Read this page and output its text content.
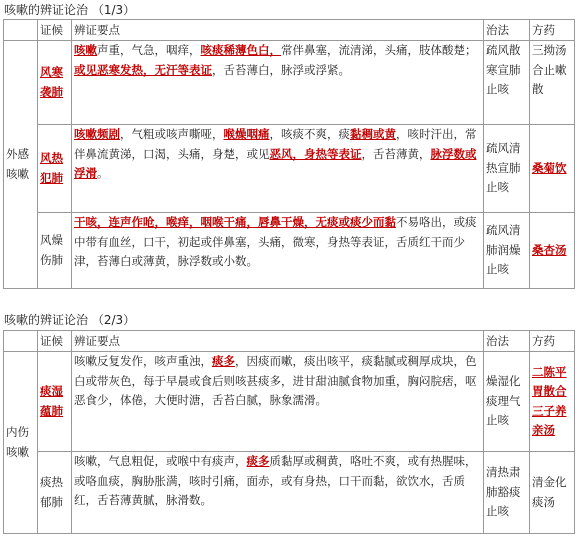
咳嗽的辨证论治 （1/3）
	证候	辨证要点	治法	方药
外感咳嗽	风寒袭肺	咳嗽声重，气急，咽痒，咳痰稀薄色白，常伴鼻塞，流清涕，头痛，肢体酸楚；或见恶寒发热，无汗等表证，舌苔薄白，脉浮或浮紧。	疏风散寒宣肺止咳	三拗汤合止嗽散
	风热犯肺	咳嗽频剧，气粗或咳声嘶哑，喉燥咽痛，咳痰不爽，痰黏稠或黄，咳时汗出，常伴鼻流黄涕，口渴，头痛，身楚，或见恶风，身热等表证，舌苔薄黄，脉浮数或浮滑。	疏风清热宣肺止咳	桑菊饮
	风燥伤肺	干咳，连声作呛，喉痒，咽喉干痛，唇鼻干燥，无痰或痰少而黏不易咯出，或痰中带有血丝，口干，初起或伴鼻塞，头痛，微寒，身热等表证，舌质红干而少津，苔薄白或薄黄，脉浮数或小数。	疏风清肺润燥止咳	桑杏汤
咳嗽的辨证论治 （2/3）
	证候	辨证要点	治法	方药
内伤咳嗽	痰湿蕴肺	咳嗽反复发作，咳声重浊，痰多，因痰而嗽，痰出咳平，痰黏腻或稠厚成块，色白或带灰色，每于早晨或食后则咳甚痰多，进甘甜油腻食物加重，胸闷脘痞，呕恶食少，体倦，大便时溏，舌苔白腻，脉象濡滑。	燥湿化痰理气止咳	二陈平胃散合三子养亲汤
	痰热郁肺	咳嗽，气息粗促，或喉中有痰声，痰多质黏厚或稠黄，咯吐不爽，或有热腥味，或咯血痰，胸胁胀满，咳时引痛，面赤，或有身热，口干而黏，欲饮水，舌质红，舌苔薄黄腻，脉滑数。	清热肃肺豁痰止咳	清金化痰汤
